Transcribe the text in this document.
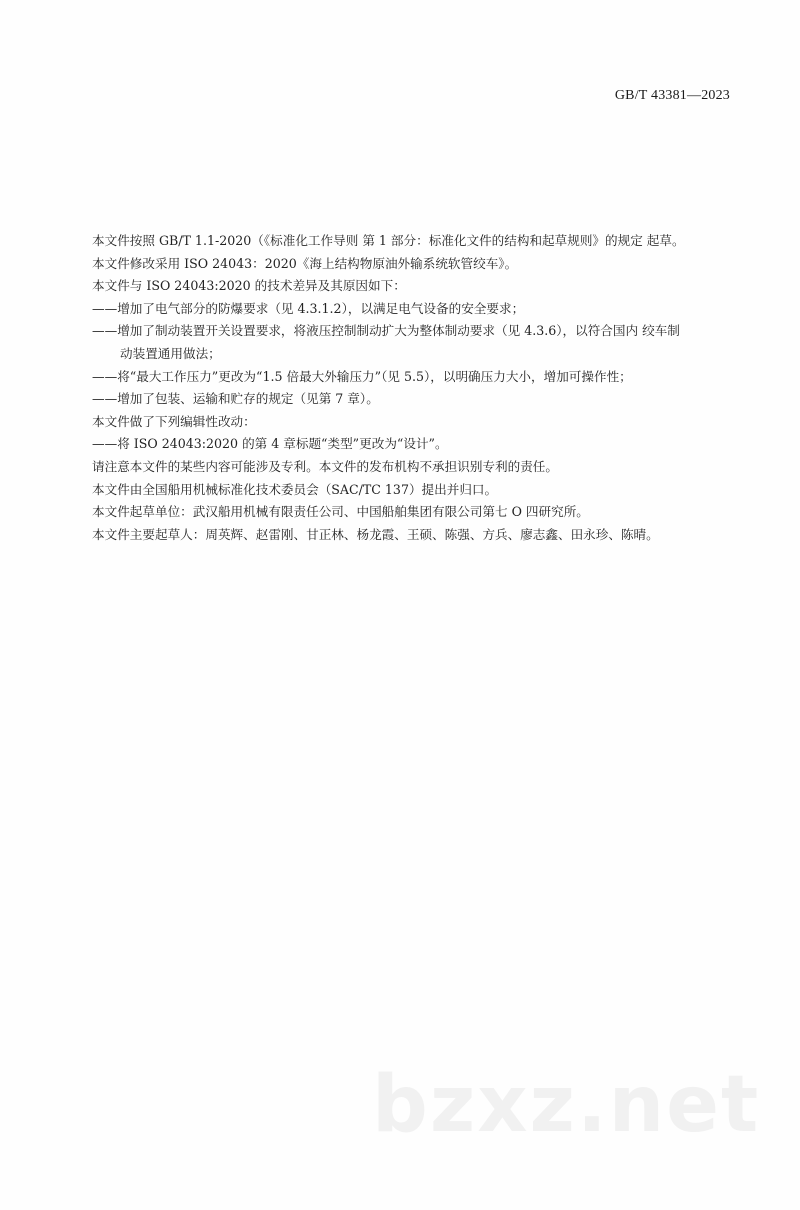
GB/T 43381—2023

本文件按照 GB/T 1.1-2020（《标准化工作导则 第 1 部分：标准化文件的结构和起草规则》的规定 起草。

本文件修改采用 ISO 24043：2020《海上结构物原油外输系统软管绞车》。

本文件与 ISO 24043:2020 的技术差异及其原因如下：

——增加了电气部分的防爆要求（见 4.3.1.2），以满足电气设备的安全要求；
——增加了制动装置开关设置要求，将液压控制制动扩大为整体制动要求（见 4.3.6），以符合国内 绞车制
动装置通用做法；
——将“最大工作压力”更改为“1.5 倍最大外输压力”（见 5.5），以明确压力大小，增加可操作性；
——增加了包装、运输和贮存的规定（见第 7 章）。

本文件做了下列编辑性改动：

——将 ISO 24043:2020 的第 4 章标题“类型”更改为“设计”。

请注意本文件的某些内容可能涉及专利。本文件的发布机构不承担识别专利的责任。

本文件由全国船用机械标准化技术委员会（SAC/TC 137）提出并归口。

本文件起草单位：武汉船用机械有限责任公司、中国船舶集团有限公司第七 O 四研究所。

本文件主要起草人：周英辉、赵雷刚、甘正林、杨龙霞、王硕、陈强、方兵、廖志鑫、田永珍、陈晴。

bzxz.net
